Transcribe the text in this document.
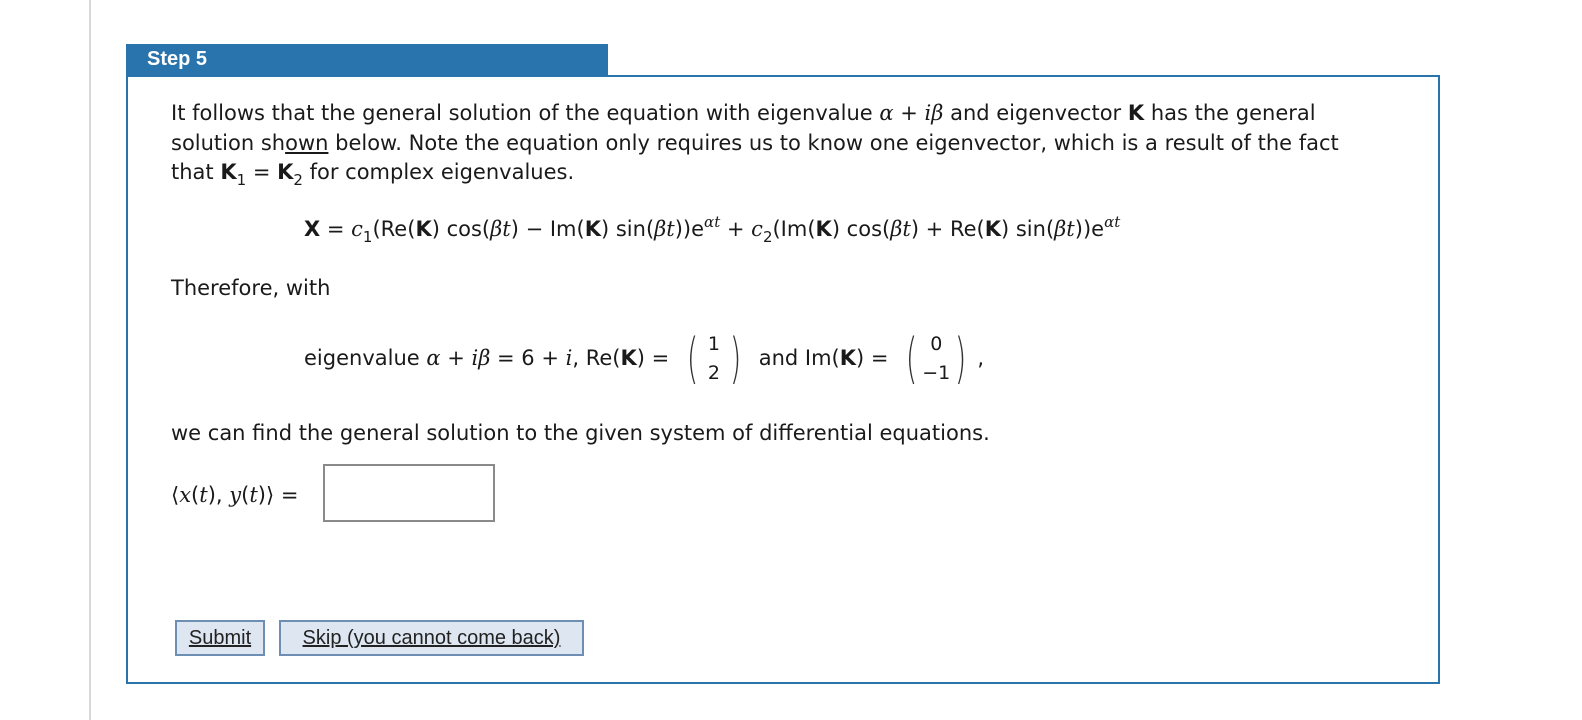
Step 5
It follows that the general solution of the equation with eigenvalue α + iβ and eigenvector K has the general
solution shown below. Note the equation only requires us to know one eigenvector, which is a result of the fact
that $K_1 = K_2$ for complex eigenvalues.
$X = c_1(Re(K) \cos(\beta t) - Im(K) \sin(\beta t))e^{\alpha t} + c_2(Im(K) \cos(\beta t) + Re(K)$ $\sin(\beta t))e^{\alpha t}$
Therefore, with
eigenvalue α + i β = 6 + i , Re( K ) = ( 1
2 ) and Im( K ) = ( 0
−1 ) ,
we can find the general solution to the given system of differential equations.
⟨x(t), y(t)⟩ =
Submit	Skip (you cannot come back)
